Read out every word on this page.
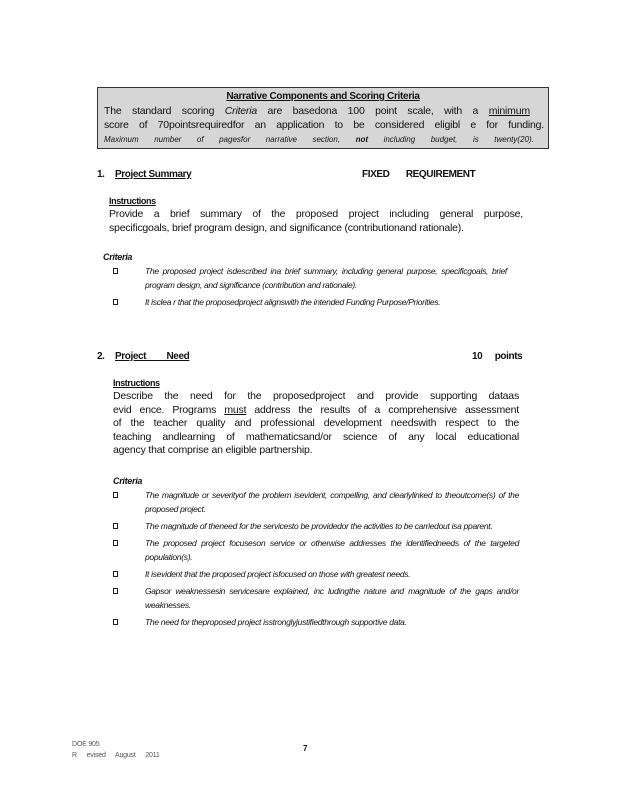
Narrative Components and Scoring Criteria
The standard scoring Criteria are basedona 100 point scale, with a minimum
score of 70pointsrequiredfor an application to be considered eligibl e for funding.
Maximum number of pagesfor narrative section, not including budget, is twenty(20).
1. Project Summary	FIXED REQUIREMENT
Instructions
Provide a brief summary of the proposed project including general purpose,
specificgoals, brief program design, and significance (contributionand rationale).
Criteria
The proposed project isdescribed ina brief summary, including general purpose, specificgoals, brief program design, and significance (contribution and rationale).
It isclea r that the proposedproject alignswith the intended Funding Purpose/Priorities.
2. Project Need	10 points
Instructions
Describe the need for the proposedproject and provide supporting dataas
evid ence. Programs must address the results of a comprehensive assessment
of the teacher quality and professional development needswith respect to the
teaching andlearning of mathematicsand/or science of any local educational
agency that comprise an eligible partnership.
Criteria
The magnitude or severityof the problem isevident, compelling, and clearlylinked to theoutcome(s) of the proposed project.
The magnitude of theneed for the servicesto be providedor the activities to be carriedout isa pparent.
The proposed project focuseson service or otherwise addresses the identifiedneeds of the targeted population(s).
It isevident that the proposed project isfocused on those with greatest needs.
Gapsor weaknessesin servicesare explained, inc ludingthe nature and magnitude of the gaps and/or weaknesses.
The need for theproposed project isstronglyjustifiedthrough supportive data.
DOE 905
R evised August 2011
7
